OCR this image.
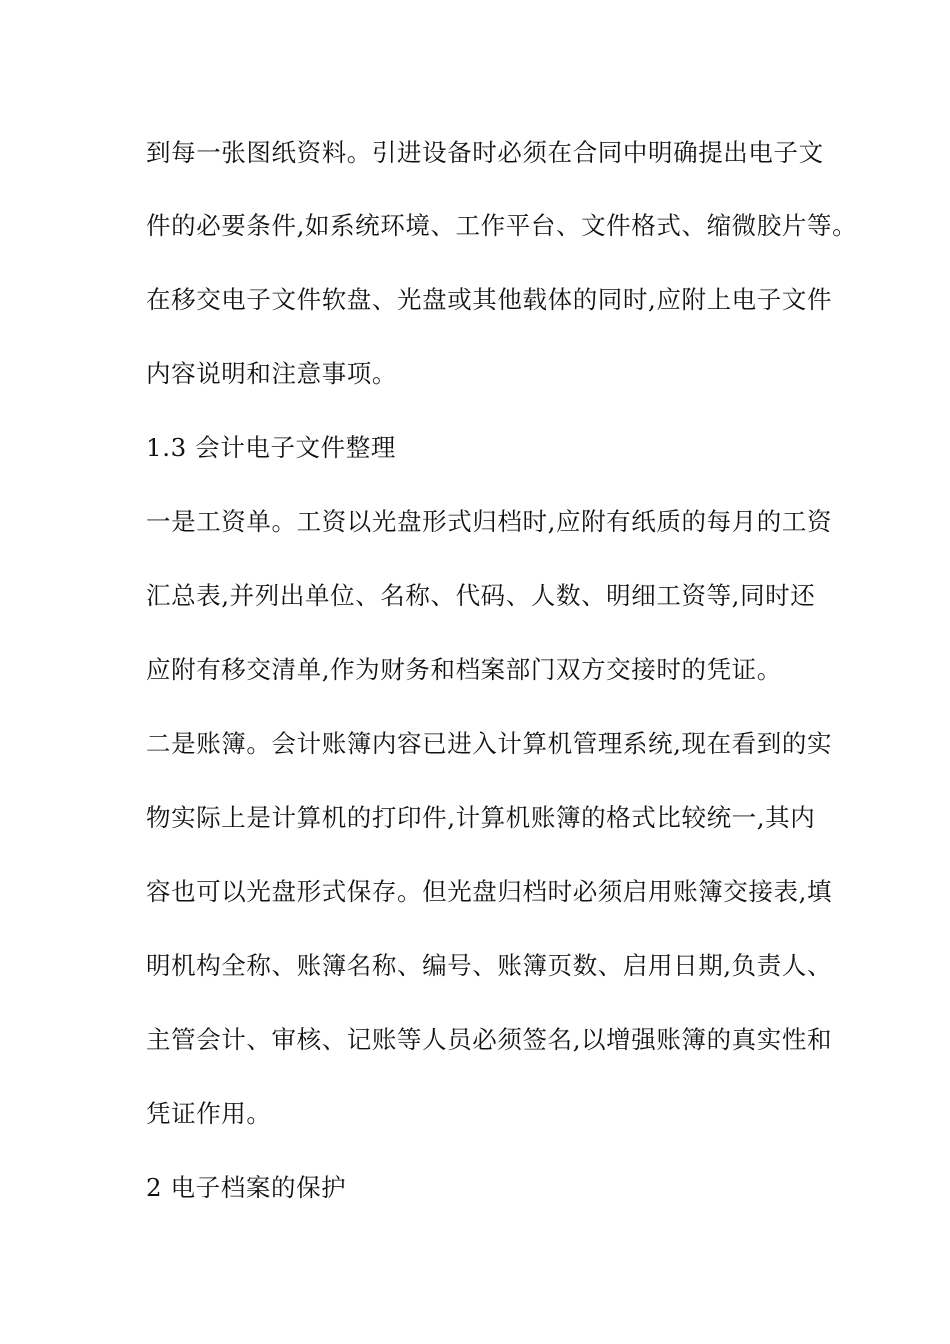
到每一张图纸资料。引进设备时必须在合同中明确提出电子文
件的必要条件,如系统环境、工作平台、文件格式、缩微胶片等。
在移交电子文件软盘、光盘或其他载体的同时,应附上电子文件
内容说明和注意事项。
1.3 会计电子文件整理
一是工资单。工资以光盘形式归档时,应附有纸质的每月的工资
汇总表,并列出单位、名称、代码、人数、明细工资等,同时还
应附有移交清单,作为财务和档案部门双方交接时的凭证。
二是账簿。会计账簿内容已进入计算机管理系统,现在看到的实
物实际上是计算机的打印件,计算机账簿的格式比较统一,其内
容也可以光盘形式保存。但光盘归档时必须启用账簿交接表,填
明机构全称、账簿名称、编号、账簿页数、启用日期,负责人、
主管会计、审核、记账等人员必须签名,以增强账簿的真实性和
凭证作用。
2 电子档案的保护
